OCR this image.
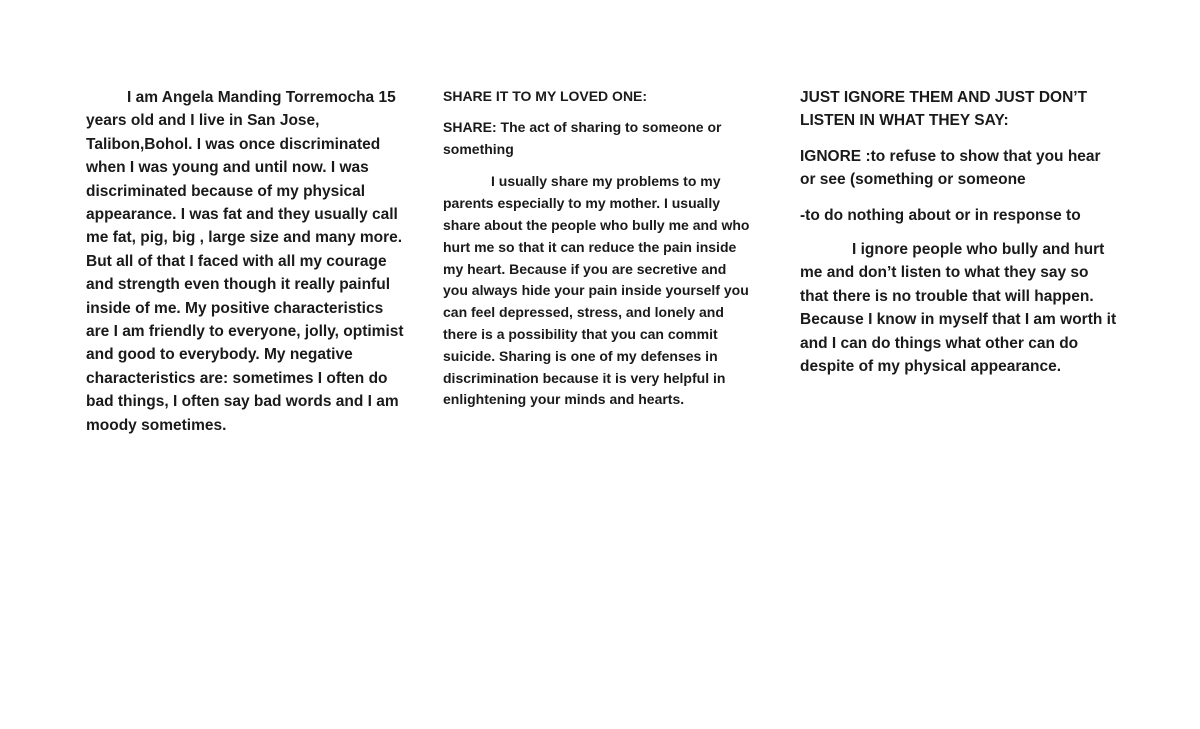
I am Angela Manding Torremocha 15 years old and I live in San Jose, Talibon,Bohol. I was once discriminated when I was young and until now. I was discriminated because of my physical appearance. I was fat and they usually call me fat, pig, big , large size and many more. But all of that I faced with all my courage and strength even though it really painful inside of me. My positive characteristics are I am friendly to everyone, jolly, optimist and good to everybody. My negative characteristics are: sometimes I often do bad things, I often say bad words and I am moody sometimes.

SHARE IT TO MY LOVED ONE:

SHARE: The act of sharing to someone or something

I usually share my problems to my parents especially to my mother. I usually share about the people who bully me and who hurt me so that it can reduce the pain inside my heart. Because if you are secretive and you always hide your pain inside yourself you can feel depressed, stress, and lonely and there is a possibility that you can commit suicide. Sharing is one of my defenses in discrimination because it is very helpful in enlightening your minds and hearts.

JUST IGNORE THEM AND JUST DON’T LISTEN IN WHAT THEY SAY:

IGNORE :to refuse to show that you hear or see (something or someone

-to do nothing about or in response to

I ignore people who bully and hurt me and don’t listen to what they say so that there is no trouble that will happen. Because I know in myself that I am worth it and I can do things what other can do despite of my physical appearance.
